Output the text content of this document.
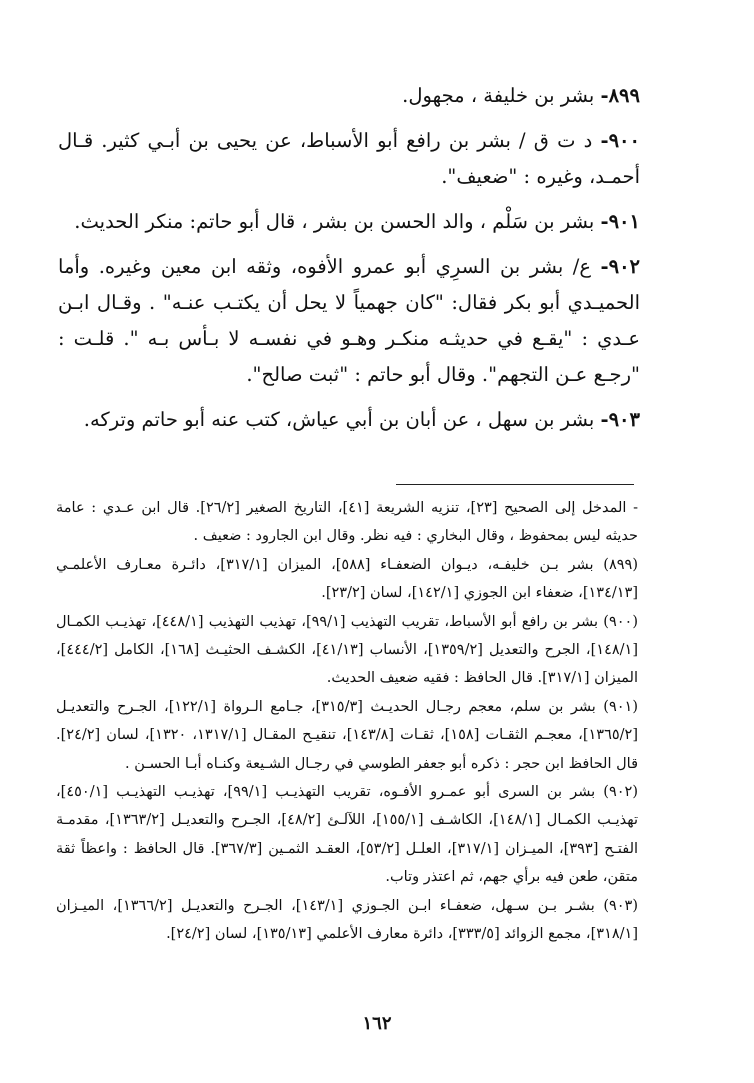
٨٩٩- بشر بن خليفة ، مجهول.

٩٠٠- د ت ق / بشر بن رافع أبو الأسباط، عن يحيى بن أبـي كثير. قـال أحمـد، وغيره : "ضعيف".

٩٠١- بشر بن سَلْم ، والد الحسن بن بشر ، قال أبو حاتم: منكر الحديث.

٩٠٢- ع/ بشر بن السرِي أبو عمرو الأفوه، وثقه ابن معين وغيره. وأما الحميـدي أبو بكر فقال: "كان جهمياً لا يحل أن يكتـب عنـه" . وقـال ابـن عـدي : "يقـع في حديثـه منكـر وهـو في نفسـه لا بـأس بـه ". قلـت : "رجـع عـن التجهم". وقال أبو حاتم : "ثبت صالح".

٩٠٣- بشر بن سهل ، عن أبان بن أبي عياش، كتب عنه أبو حاتم وتركه.

- المدخل إلى الصحيح [٢٣]، تنزيه الشريعة [٤١]، التاريخ الصغير [٢٦/٢]. قال ابن عـدي : عامة حديثه ليس بمحفوظ ، وقال البخاري : فيه نظر. وقال ابن الجارود : ضعيف .

(٨٩٩) بشر بـن خليفـه، ديـوان الضعفـاء [٥٨٨]، الميزان [٣١٧/١]، دائـرة معـارف الأعلمـي [١٣٤/١٣]، ضعفاء ابن الجوزي [١٤٢/١]، لسان [٢٣/٢].

(٩٠٠) بشر بن رافع أبو الأسباط، تقريب التهذيب [٩٩/١]، تهذيب التهذيب [٤٤٨/١]، تهذيـب الكمـال [١٤٨/١]، الجرح والتعديل [١٣٥٩/٢]، الأنساب [٤١/١٣]، الكشـف الحثيـث [١٦٨]، الكامل [٤٤٤/٢]، الميزان [٣١٧/١]. قال الحافظ : فقيه ضعيف الحديث.

(٩٠١) بشر بن سلم، معجم رجـال الحديـث [٣١٥/٣]، جـامع الـرواة [١٢٢/١]، الجـرح والتعديـل [١٣٦٥/٢]، معجـم الثقـات [١٥٨]، ثقـات [١٤٣/٨]، تنقيـح المقـال [١٣١٧/١، ١٣٢٠]، لسان [٢٤/٢]. قال الحافظ ابن حجر : ذكره أبو جعفر الطوسي في رجـال الشـيعة وكنـاه أبـا الحسـن .

(٩٠٢) بشر بن السرى أبو عمـرو الأفـوه، تقريب التهذيـب [٩٩/١]، تهذيـب التهذيـب [٤٥٠/١]، تهذيـب الكمـال [١٤٨/١]، الكاشـف [١٥٥/١]، اللآلـئ [٤٨/٢]، الجـرح والتعديـل [١٣٦٣/٢]، مقدمـة الفتـح [٣٩٣]، الميـزان [٣١٧/١]، العلـل [٥٣/٢]، العقـد الثمـين [٣٦٧/٣]. قال الحافظ : واعظاً ثقة متقن، طعن فيه برأي جهم، ثم اعتذر وتاب.

(٩٠٣) بشـر بـن سـهل، ضعفـاء ابـن الجـوزي [١٤٣/١]، الجـرح والتعديـل [١٣٦٦/٢]، الميـزان [٣١٨/١]، مجمع الزوائد [٣٣٣/٥]، دائرة معارف الأعلمي [١٣٥/١٣]، لسان [٢٤/٢].

١٦٢
